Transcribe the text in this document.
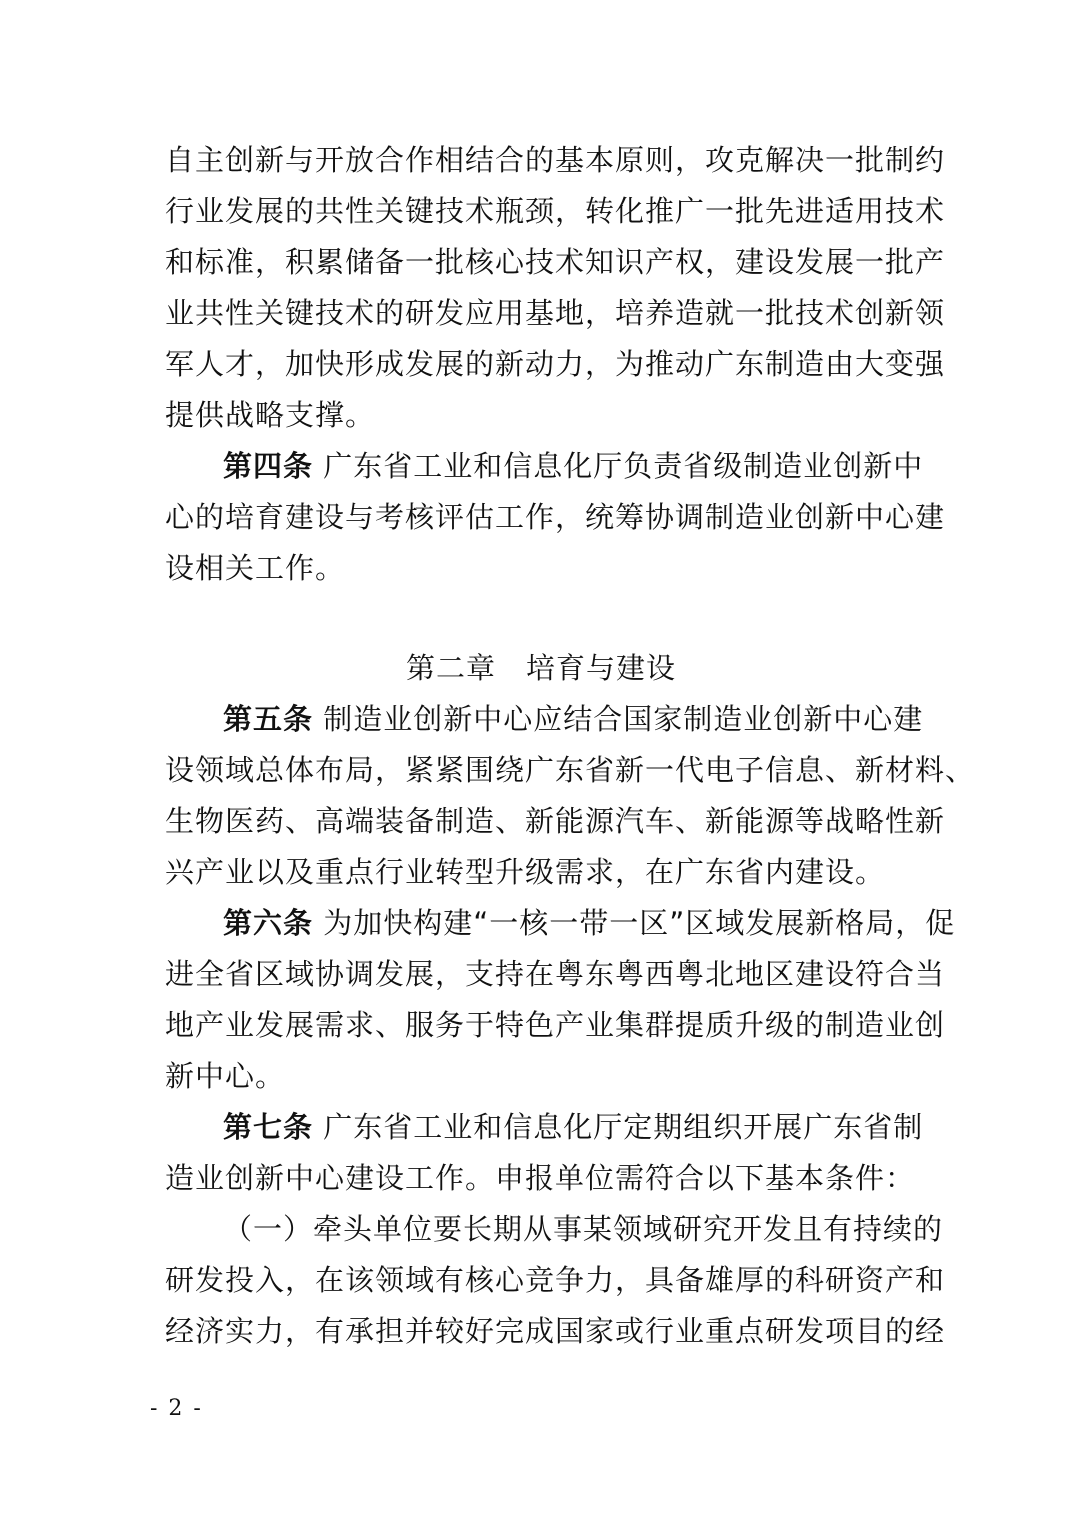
自主创新与开放合作相结合的基本原则，攻克解决一批制约
行业发展的共性关键技术瓶颈，转化推广一批先进适用技术
和标准，积累储备一批核心技术知识产权，建设发展一批产
业共性关键技术的研发应用基地，培养造就一批技术创新领
军人才，加快形成发展的新动力，为推动广东制造由大变强
提供战略支撑。
第四条 广东省工业和信息化厅负责省级制造业创新中
心的培育建设与考核评估工作，统筹协调制造业创新中心建
设相关工作。
第二章　培育与建设
第五条 制造业创新中心应结合国家制造业创新中心建
设领域总体布局，紧紧围绕广东省新一代电子信息、新材料、
生物医药、高端装备制造、新能源汽车、新能源等战略性新
兴产业以及重点行业转型升级需求，在广东省内建设。
第六条 为加快构建“一核一带一区”区域发展新格局，促
进全省区域协调发展，支持在粤东粤西粤北地区建设符合当
地产业发展需求、服务于特色产业集群提质升级的制造业创
新中心。
第七条 广东省工业和信息化厅定期组织开展广东省制
造业创新中心建设工作。申报单位需符合以下基本条件：
（一）牵头单位要长期从事某领域研究开发且有持续的
研发投入，在该领域有核心竞争力，具备雄厚的科研资产和
经济实力，有承担并较好完成国家或行业重点研发项目的经
- 2 -
